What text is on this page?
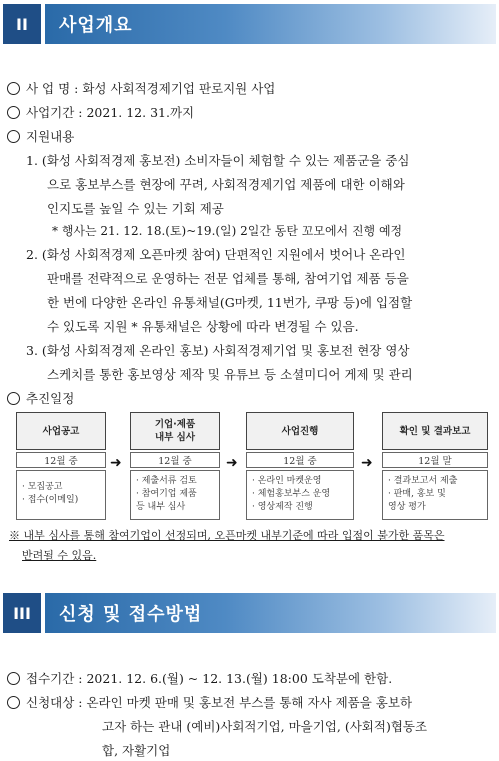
II	사업개요
사 업 명 : 화성 사회적경제기업 판로지원 사업
사업기간 : 2021. 12. 31.까지
지원내용
1. (화성 사회적경제 홍보전) 소비자들이 체험할 수 있는 제품군을 중심
으로 홍보부스를 현장에 꾸려, 사회적경제기업 제품에 대한 이해와
인지도를 높일 수 있는 기회 제공
* 행사는 21. 12. 18.(토)~19.(일) 2일간 동탄 꼬모에서 진행 예정
2. (화성 사회적경제 오픈마켓 참여) 단편적인 지원에서 벗어나 온라인
판매를 전략적으로 운영하는 전문 업체를 통해, 참여기업 제품 등을
한 번에 다양한 온라인 유통채널(G마켓, 11번가, 쿠팡 등)에 입점할
수 있도록 지원 * 유통채널은 상황에 따라 변경될 수 있음.
3. (화성 사회적경제 온라인 홍보) 사회적경제기업 및 홍보전 현장 영상
스케치를 통한 홍보영상 제작 및 유튜브 등 소셜미디어 게제 및 관리
추진일정
사업공고
12월 중
· 모집공고
· 접수(이메일)
➜
기업·제품
내부 심사
12월 중
· 제출서류 검토
· 참여기업 제품
등 내부 심사
➜
사업진행
12월 중
· 온라인 마켓운영
· 체험홍보부스 운영
· 영상제작 진행
➜
확인 및 결과보고
12월 말
· 결과보고서 제출
· 판매, 홍보 및
영상 평가
※ 내부 심사를 통해 참여기업이 선정되며, 오픈마켓 내부기준에 따라 입점이 불가한 품목은
반려될 수 있음.
III	신청 및 접수방법
접수기간 : 2021. 12. 6.(월) ~ 12. 13.(월) 18:00 도착분에 한함.
신청대상 : 온라인 마켓 판매 및 홍보전 부스를 통해 자사 제품을 홍보하
고자 하는 관내 (예비)사회적기업, 마을기업, (사회적)협동조
합, 자활기업
